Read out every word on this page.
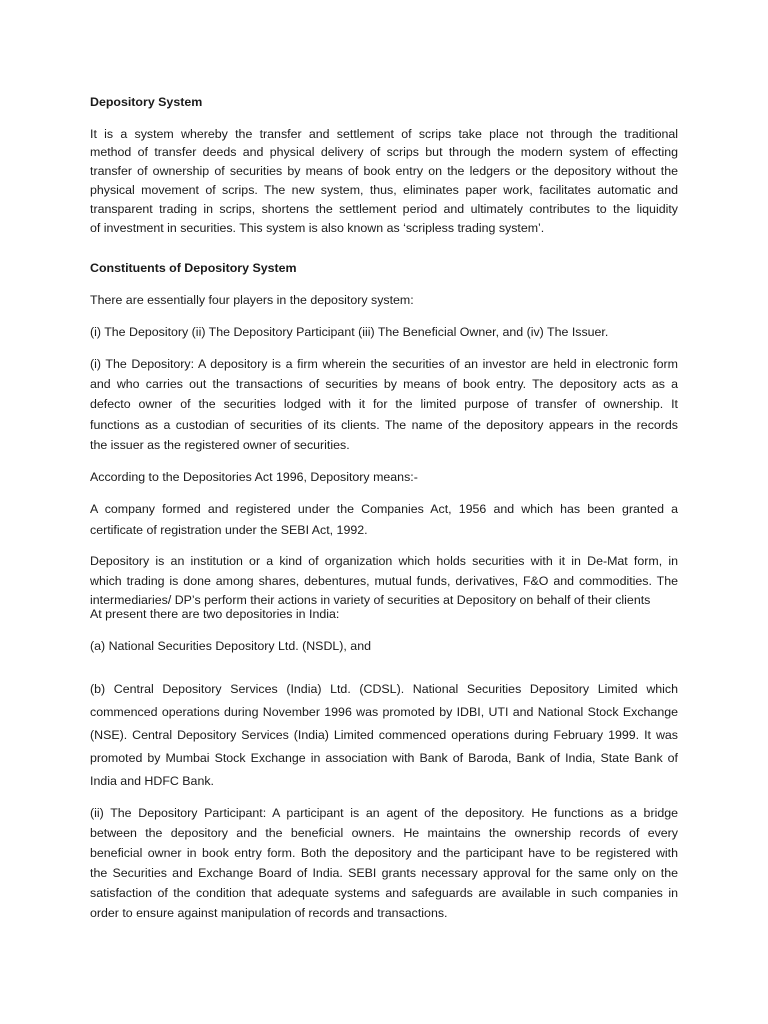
Depository System
It is a system whereby the transfer and settlement of scrips take place not through the traditional
method of transfer deeds and physical delivery of scrips but through the modern system of effecting
transfer of ownership of securities by means of book entry on the ledgers or the depository without the
physical movement of scrips. The new system, thus, eliminates paper work, facilitates automatic and
transparent trading in scrips, shortens the settlement period and ultimately contributes to the liquidity
of investment in securities. This system is also known as ‘scripless trading system’.
Constituents of Depository System
There are essentially four players in the depository system:
(i) The Depository (ii) The Depository Participant (iii) The Beneficial Owner, and (iv) The Issuer.
(i) The Depository: A depository is a firm wherein the securities of an investor are held in electronic form
and who carries out the transactions of securities by means of book entry. The depository acts as a
defecto owner of the securities lodged with it for the limited purpose of transfer of ownership. It
functions as a custodian of securities of its clients. The name of the depository appears in the records
the issuer as the registered owner of securities.
According to the Depositories Act 1996, Depository means:-
A company formed and registered under the Companies Act, 1956 and which has been granted a
certificate of registration under the SEBI Act, 1992.
Depository is an institution or a kind of organization which holds securities with it in De-Mat form, in
which trading is done among shares, debentures, mutual funds, derivatives, F&O and commodities. The
intermediaries/ DP’s perform their actions in variety of securities at Depository on behalf of their clients
At present there are two depositories in India:
(a) National Securities Depository Ltd. (NSDL), and
(b) Central Depository Services (India) Ltd. (CDSL). National Securities Depository Limited which
commenced operations during November 1996 was promoted by IDBI, UTI and National Stock Exchange
(NSE). Central Depository Services (India) Limited commenced operations during February 1999. It was
promoted by Mumbai Stock Exchange in association with Bank of Baroda, Bank of India, State Bank of
India and HDFC Bank.
(ii) The Depository Participant: A participant is an agent of the depository. He functions as a bridge
between the depository and the beneficial owners. He maintains the ownership records of every
beneficial owner in book entry form. Both the depository and the participant have to be registered with
the Securities and Exchange Board of India. SEBI grants necessary approval for the same only on the
satisfaction of the condition that adequate systems and safeguards are available in such companies in
order to ensure against manipulation of records and transactions.
